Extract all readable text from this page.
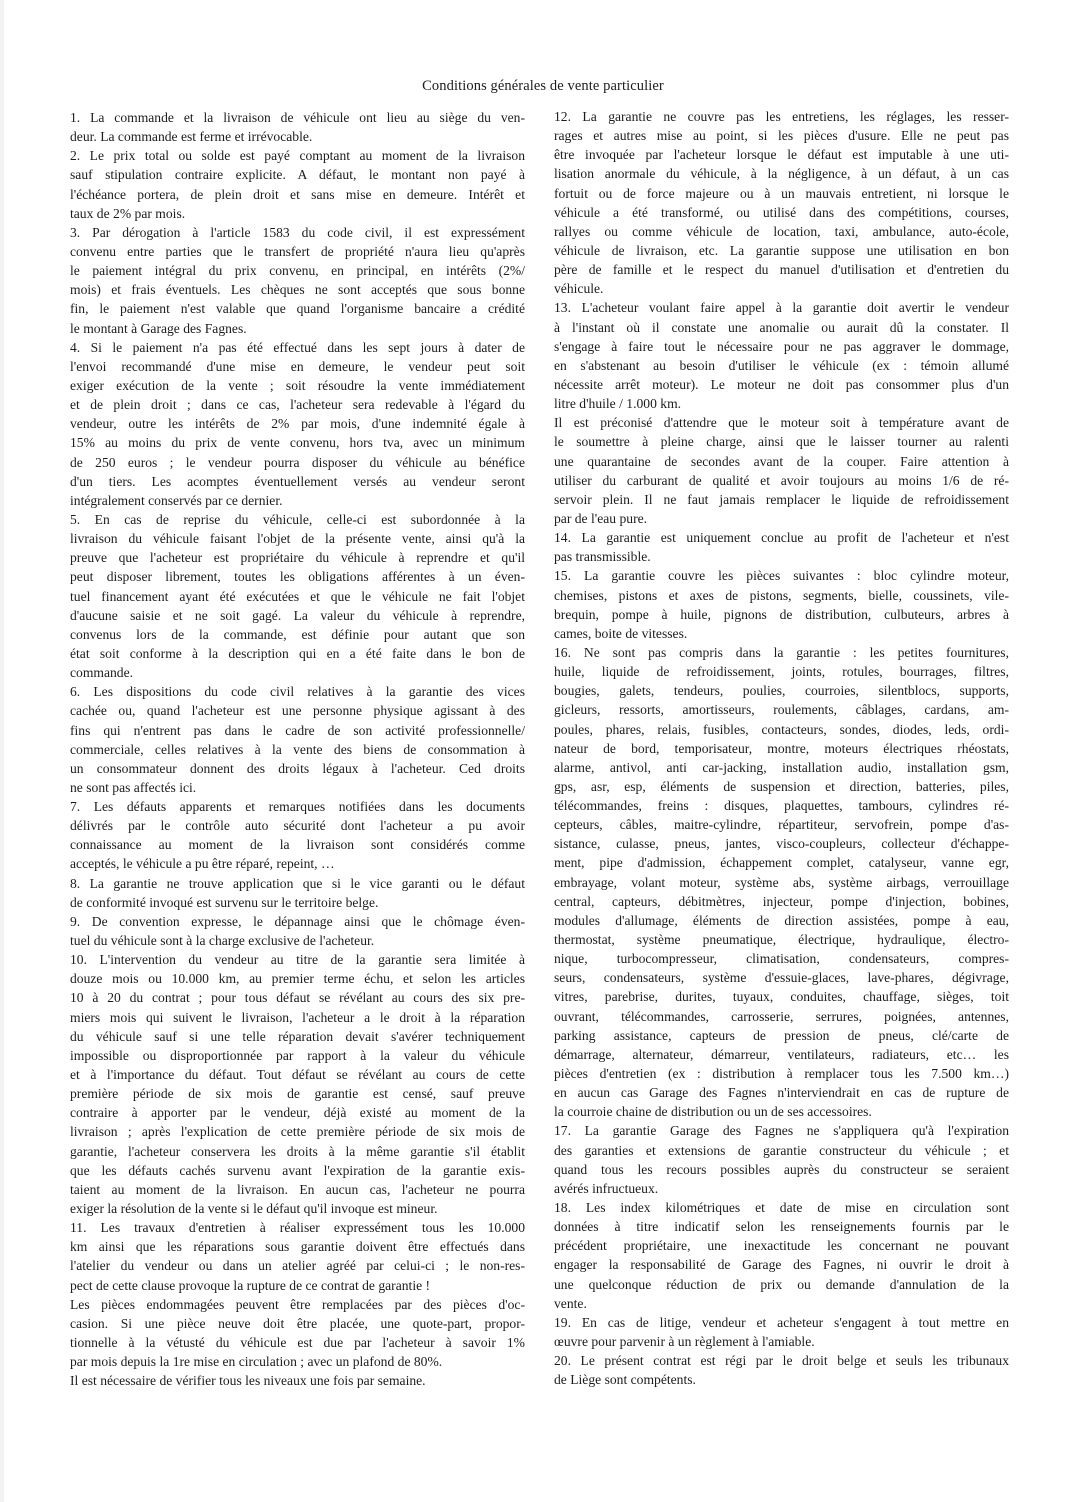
Conditions générales de vente particulier
1. La commande et la livraison de véhicule ont lieu au siège du ven-
deur. La commande est ferme et irrévocable.
2. Le prix total ou solde est payé comptant au moment de la livraison
sauf stipulation contraire explicite. A défaut, le montant non payé à
l'échéance portera, de plein droit et sans mise en demeure. Intérêt et
taux de 2% par mois.
3. Par dérogation à l'article 1583 du code civil, il est expressément
convenu entre parties que le transfert de propriété n'aura lieu qu'après
le paiement intégral du prix convenu, en principal, en intérêts (2%/
mois) et frais éventuels. Les chèques ne sont acceptés que sous bonne
fin, le paiement n'est valable que quand l'organisme bancaire a crédité
le montant à Garage des Fagnes.
4. Si le paiement n'a pas été effectué dans les sept jours à dater de
l'envoi recommandé d'une mise en demeure, le vendeur peut soit
exiger exécution de la vente ; soit résoudre la vente immédiatement
et de plein droit ; dans ce cas, l'acheteur sera redevable à l'égard du
vendeur, outre les intérêts de 2% par mois, d'une indemnité égale à
15% au moins du prix de vente convenu, hors tva, avec un minimum
de 250 euros ; le vendeur pourra disposer du véhicule au bénéfice
d'un tiers. Les acomptes éventuellement versés au vendeur seront
intégralement conservés par ce dernier.
5. En cas de reprise du véhicule, celle-ci est subordonnée à la
livraison du véhicule faisant l'objet de la présente vente, ainsi qu'à la
preuve que l'acheteur est propriétaire du véhicule à reprendre et qu'il
peut disposer librement, toutes les obligations afférentes à un éven-
tuel financement ayant été exécutées et que le véhicule ne fait l'objet
d'aucune saisie et ne soit gagé. La valeur du véhicule à reprendre,
convenus lors de la commande, est définie pour autant que son
état soit conforme à la description qui en a été faite dans le bon de
commande.
6. Les dispositions du code civil relatives à la garantie des vices
cachée ou, quand l'acheteur est une personne physique agissant à des
fins qui n'entrent pas dans le cadre de son activité professionnelle/
commerciale, celles relatives à la vente des biens de consommation à
un consommateur donnent des droits légaux à l'acheteur. Ced droits
ne sont pas affectés ici.
7. Les défauts apparents et remarques notifiées dans les documents
délivrés par le contrôle auto sécurité dont l'acheteur a pu avoir
connaissance au moment de la livraison sont considérés comme
acceptés, le véhicule a pu être réparé, repeint, …
8. La garantie ne trouve application que si le vice garanti ou le défaut
de conformité invoqué est survenu sur le territoire belge.
9. De convention expresse, le dépannage ainsi que le chômage éven-
tuel du véhicule sont à la charge exclusive de l'acheteur.
10. L'intervention du vendeur au titre de la garantie sera limitée à
douze mois ou 10.000 km, au premier terme échu, et selon les articles
10 à 20 du contrat ; pour tous défaut se révélant au cours des six pre-
miers mois qui suivent le livraison, l'acheteur a le droit à la réparation
du véhicule sauf si une telle réparation devait s'avérer techniquement
impossible ou disproportionnée par rapport à la valeur du véhicule
et à l'importance du défaut. Tout défaut se révélant au cours de cette
première période de six mois de garantie est censé, sauf preuve
contraire à apporter par le vendeur, déjà existé au moment de la
livraison ; après l'explication de cette première période de six mois de
garantie, l'acheteur conservera les droits à la même garantie s'il établit
que les défauts cachés survenu avant l'expiration de la garantie exis-
taient au moment de la livraison. En aucun cas, l'acheteur ne pourra
exiger la résolution de la vente si le défaut qu'il invoque est mineur.
11. Les travaux d'entretien à réaliser expressément tous les 10.000
km ainsi que les réparations sous garantie doivent être effectués dans
l'atelier du vendeur ou dans un atelier agréé par celui-ci ; le non-res-
pect de cette clause provoque la rupture de ce contrat de garantie !
Les pièces endommagées peuvent être remplacées par des pièces d'oc-
casion. Si une pièce neuve doit être placée, une quote-part, propor-
tionnelle à la vétusté du véhicule est due par l'acheteur à savoir 1%
par mois depuis la 1re mise en circulation ; avec un plafond de 80%.
Il est nécessaire de vérifier tous les niveaux une fois par semaine.
12. La garantie ne couvre pas les entretiens, les réglages, les resser-
rages et autres mise au point, si les pièces d'usure. Elle ne peut pas
être invoquée par l'acheteur lorsque le défaut est imputable à une uti-
lisation anormale du véhicule, à la négligence, à un défaut, à un cas
fortuit ou de force majeure ou à un mauvais entretient, ni lorsque le
véhicule a été transformé, ou utilisé dans des compétitions, courses,
rallyes ou comme véhicule de location, taxi, ambulance, auto-école,
véhicule de livraison, etc. La garantie suppose une utilisation en bon
père de famille et le respect du manuel d'utilisation et d'entretien du
véhicule.
13. L'acheteur voulant faire appel à la garantie doit avertir le vendeur
à l'instant où il constate une anomalie ou aurait dû la constater. Il
s'engage à faire tout le nécessaire pour ne pas aggraver le dommage,
en s'abstenant au besoin d'utiliser le véhicule (ex : témoin allumé
nécessite arrêt moteur). Le moteur ne doit pas consommer plus d'un
litre d'huile / 1.000 km.
Il est préconisé d'attendre que le moteur soit à température avant de
le soumettre à pleine charge, ainsi que le laisser tourner au ralenti
une quarantaine de secondes avant de la couper. Faire attention à
utiliser du carburant de qualité et avoir toujours au moins 1/6 de ré-
servoir plein. Il ne faut jamais remplacer le liquide de refroidissement
par de l'eau pure.
14. La garantie est uniquement conclue au profit de l'acheteur et n'est
pas transmissible.
15. La garantie couvre les pièces suivantes : bloc cylindre moteur,
chemises, pistons et axes de pistons, segments, bielle, coussinets, vile-
brequin, pompe à huile, pignons de distribution, culbuteurs, arbres à
cames, boite de vitesses.
16. Ne sont pas compris dans la garantie : les petites fournitures,
huile, liquide de refroidissement, joints, rotules, bourrages, filtres,
bougies, galets, tendeurs, poulies, courroies, silentblocs, supports,
gicleurs, ressorts, amortisseurs, roulements, câblages, cardans, am-
poules, phares, relais, fusibles, contacteurs, sondes, diodes, leds, ordi-
nateur de bord, temporisateur, montre, moteurs électriques rhéostats,
alarme, antivol, anti car-jacking, installation audio, installation gsm,
gps, asr, esp, éléments de suspension et direction, batteries, piles,
télécommandes, freins : disques, plaquettes, tambours, cylindres ré-
cepteurs, câbles, maitre-cylindre, répartiteur, servofrein, pompe d'as-
sistance, culasse, pneus, jantes, visco-coupleurs, collecteur d'échappe-
ment, pipe d'admission, échappement complet, catalyseur, vanne egr,
embrayage, volant moteur, système abs, système airbags, verrouillage
central, capteurs, débitmètres, injecteur, pompe d'injection, bobines,
modules d'allumage, éléments de direction assistées, pompe à eau,
thermostat, système pneumatique, électrique, hydraulique, électro-
nique, turbocompresseur, climatisation, condensateurs, compres-
seurs, condensateurs, système d'essuie-glaces, lave-phares, dégivrage,
vitres, parebrise, durites, tuyaux, conduites, chauffage, sièges, toit
ouvrant, télécommandes, carrosserie, serrures, poignées, antennes,
parking assistance, capteurs de pression de pneus, clé/carte de
démarrage, alternateur, démarreur, ventilateurs, radiateurs, etc… les
pièces d'entretien (ex : distribution à remplacer tous les 7.500 km…)
en aucun cas Garage des Fagnes n'interviendrait en cas de rupture de
la courroie chaine de distribution ou un de ses accessoires.
17. La garantie Garage des Fagnes ne s'appliquera qu'à l'expiration
des garanties et extensions de garantie constructeur du véhicule ; et
quand tous les recours possibles auprès du constructeur se seraient
avérés infructueux.
18. Les index kilométriques et date de mise en circulation sont
données à titre indicatif selon les renseignements fournis par le
précédent propriétaire, une inexactitude les concernant ne pouvant
engager la responsabilité de Garage des Fagnes, ni ouvrir le droit à
une quelconque réduction de prix ou demande d'annulation de la
vente.
19. En cas de litige, vendeur et acheteur s'engagent à tout mettre en
œuvre pour parvenir à un règlement à l'amiable.
20. Le présent contrat est régi par le droit belge et seuls les tribunaux
de Liège sont compétents.
